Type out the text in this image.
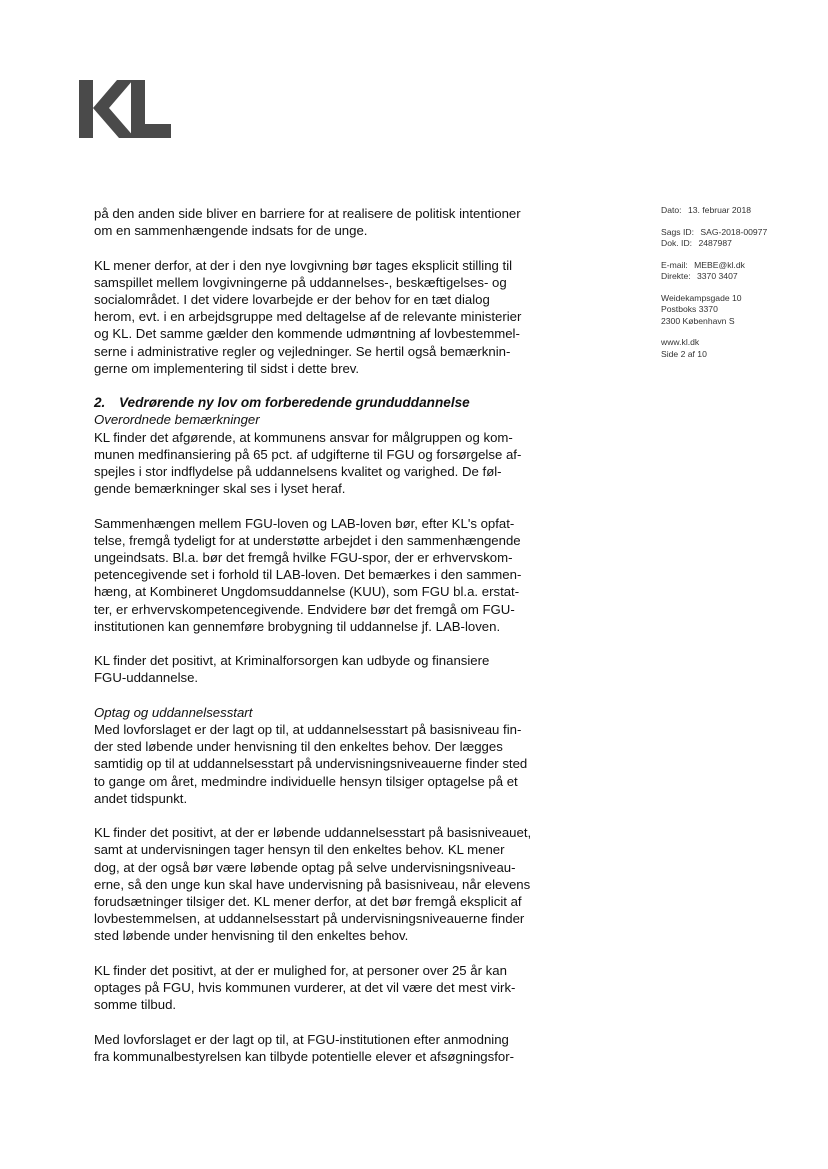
Dato: 13. februar 2018
Sags ID: SAG-2018-00977
Dok. ID: 2487987
E-mail: MEBE@kl.dk
Direkte: 3370 3407
Weidekampsgade 10
Postboks 3370
2300 København S
www.kl.dk
Side 2 af 10

på den anden side bliver en barriere for at realisere de politisk intentioner
om en sammenhængende indsats for de unge.

KL mener derfor, at der i den nye lovgivning bør tages eksplicit stilling til
samspillet mellem lovgivningerne på uddannelses-, beskæftigelses- og
socialområdet. I det videre lovarbejde er der behov for en tæt dialog
herom, evt. i en arbejdsgruppe med deltagelse af de relevante ministerier
og KL. Det samme gælder den kommende udmøntning af lovbestemmel-
serne i administrative regler og vejledninger. Se hertil også bemærknin-
gerne om implementering til sidst i dette brev.

2. Vedrørende ny lov om forberedende grunduddannelse

Overordnede bemærkninger

KL finder det afgørende, at kommunens ansvar for målgruppen og kom-
munen medfinansiering på 65 pct. af udgifterne til FGU og forsørgelse af-
spejles i stor indflydelse på uddannelsens kvalitet og varighed. De føl-
gende bemærkninger skal ses i lyset heraf.

Sammenhængen mellem FGU-loven og LAB-loven bør, efter KL's opfat-
telse, fremgå tydeligt for at understøtte arbejdet i den sammenhængende
ungeindsats. Bl.a. bør det fremgå hvilke FGU-spor, der er erhvervskom-
petencegivende set i forhold til LAB-loven. Det bemærkes i den sammen-
hæng, at Kombineret Ungdomsuddannelse (KUU), som FGU bl.a. erstat-
ter, er erhvervskompetencegivende. Endvidere bør det fremgå om FGU-
institutionen kan gennemføre brobygning til uddannelse jf. LAB-loven.

KL finder det positivt, at Kriminalforsorgen kan udbyde og finansiere
FGU-uddannelse.

Optag og uddannelsesstart

Med lovforslaget er der lagt op til, at uddannelsesstart på basisniveau fin-
der sted løbende under henvisning til den enkeltes behov. Der lægges
samtidig op til at uddannelsesstart på undervisningsniveauerne finder sted
to gange om året, medmindre individuelle hensyn tilsiger optagelse på et
andet tidspunkt.

KL finder det positivt, at der er løbende uddannelsesstart på basisniveauet,
samt at undervisningen tager hensyn til den enkeltes behov. KL mener
dog, at der også bør være løbende optag på selve undervisningsniveau-
erne, så den unge kun skal have undervisning på basisniveau, når elevens
forudsætninger tilsiger det. KL mener derfor, at det bør fremgå eksplicit af
lovbestemmelsen, at uddannelsesstart på undervisningsniveauerne finder
sted løbende under henvisning til den enkeltes behov.

KL finder det positivt, at der er mulighed for, at personer over 25 år kan
optages på FGU, hvis kommunen vurderer, at det vil være det mest virk-
somme tilbud.

Med lovforslaget er der lagt op til, at FGU-institutionen efter anmodning
fra kommunalbestyrelsen kan tilbyde potentielle elever et afsøgningsfor-
